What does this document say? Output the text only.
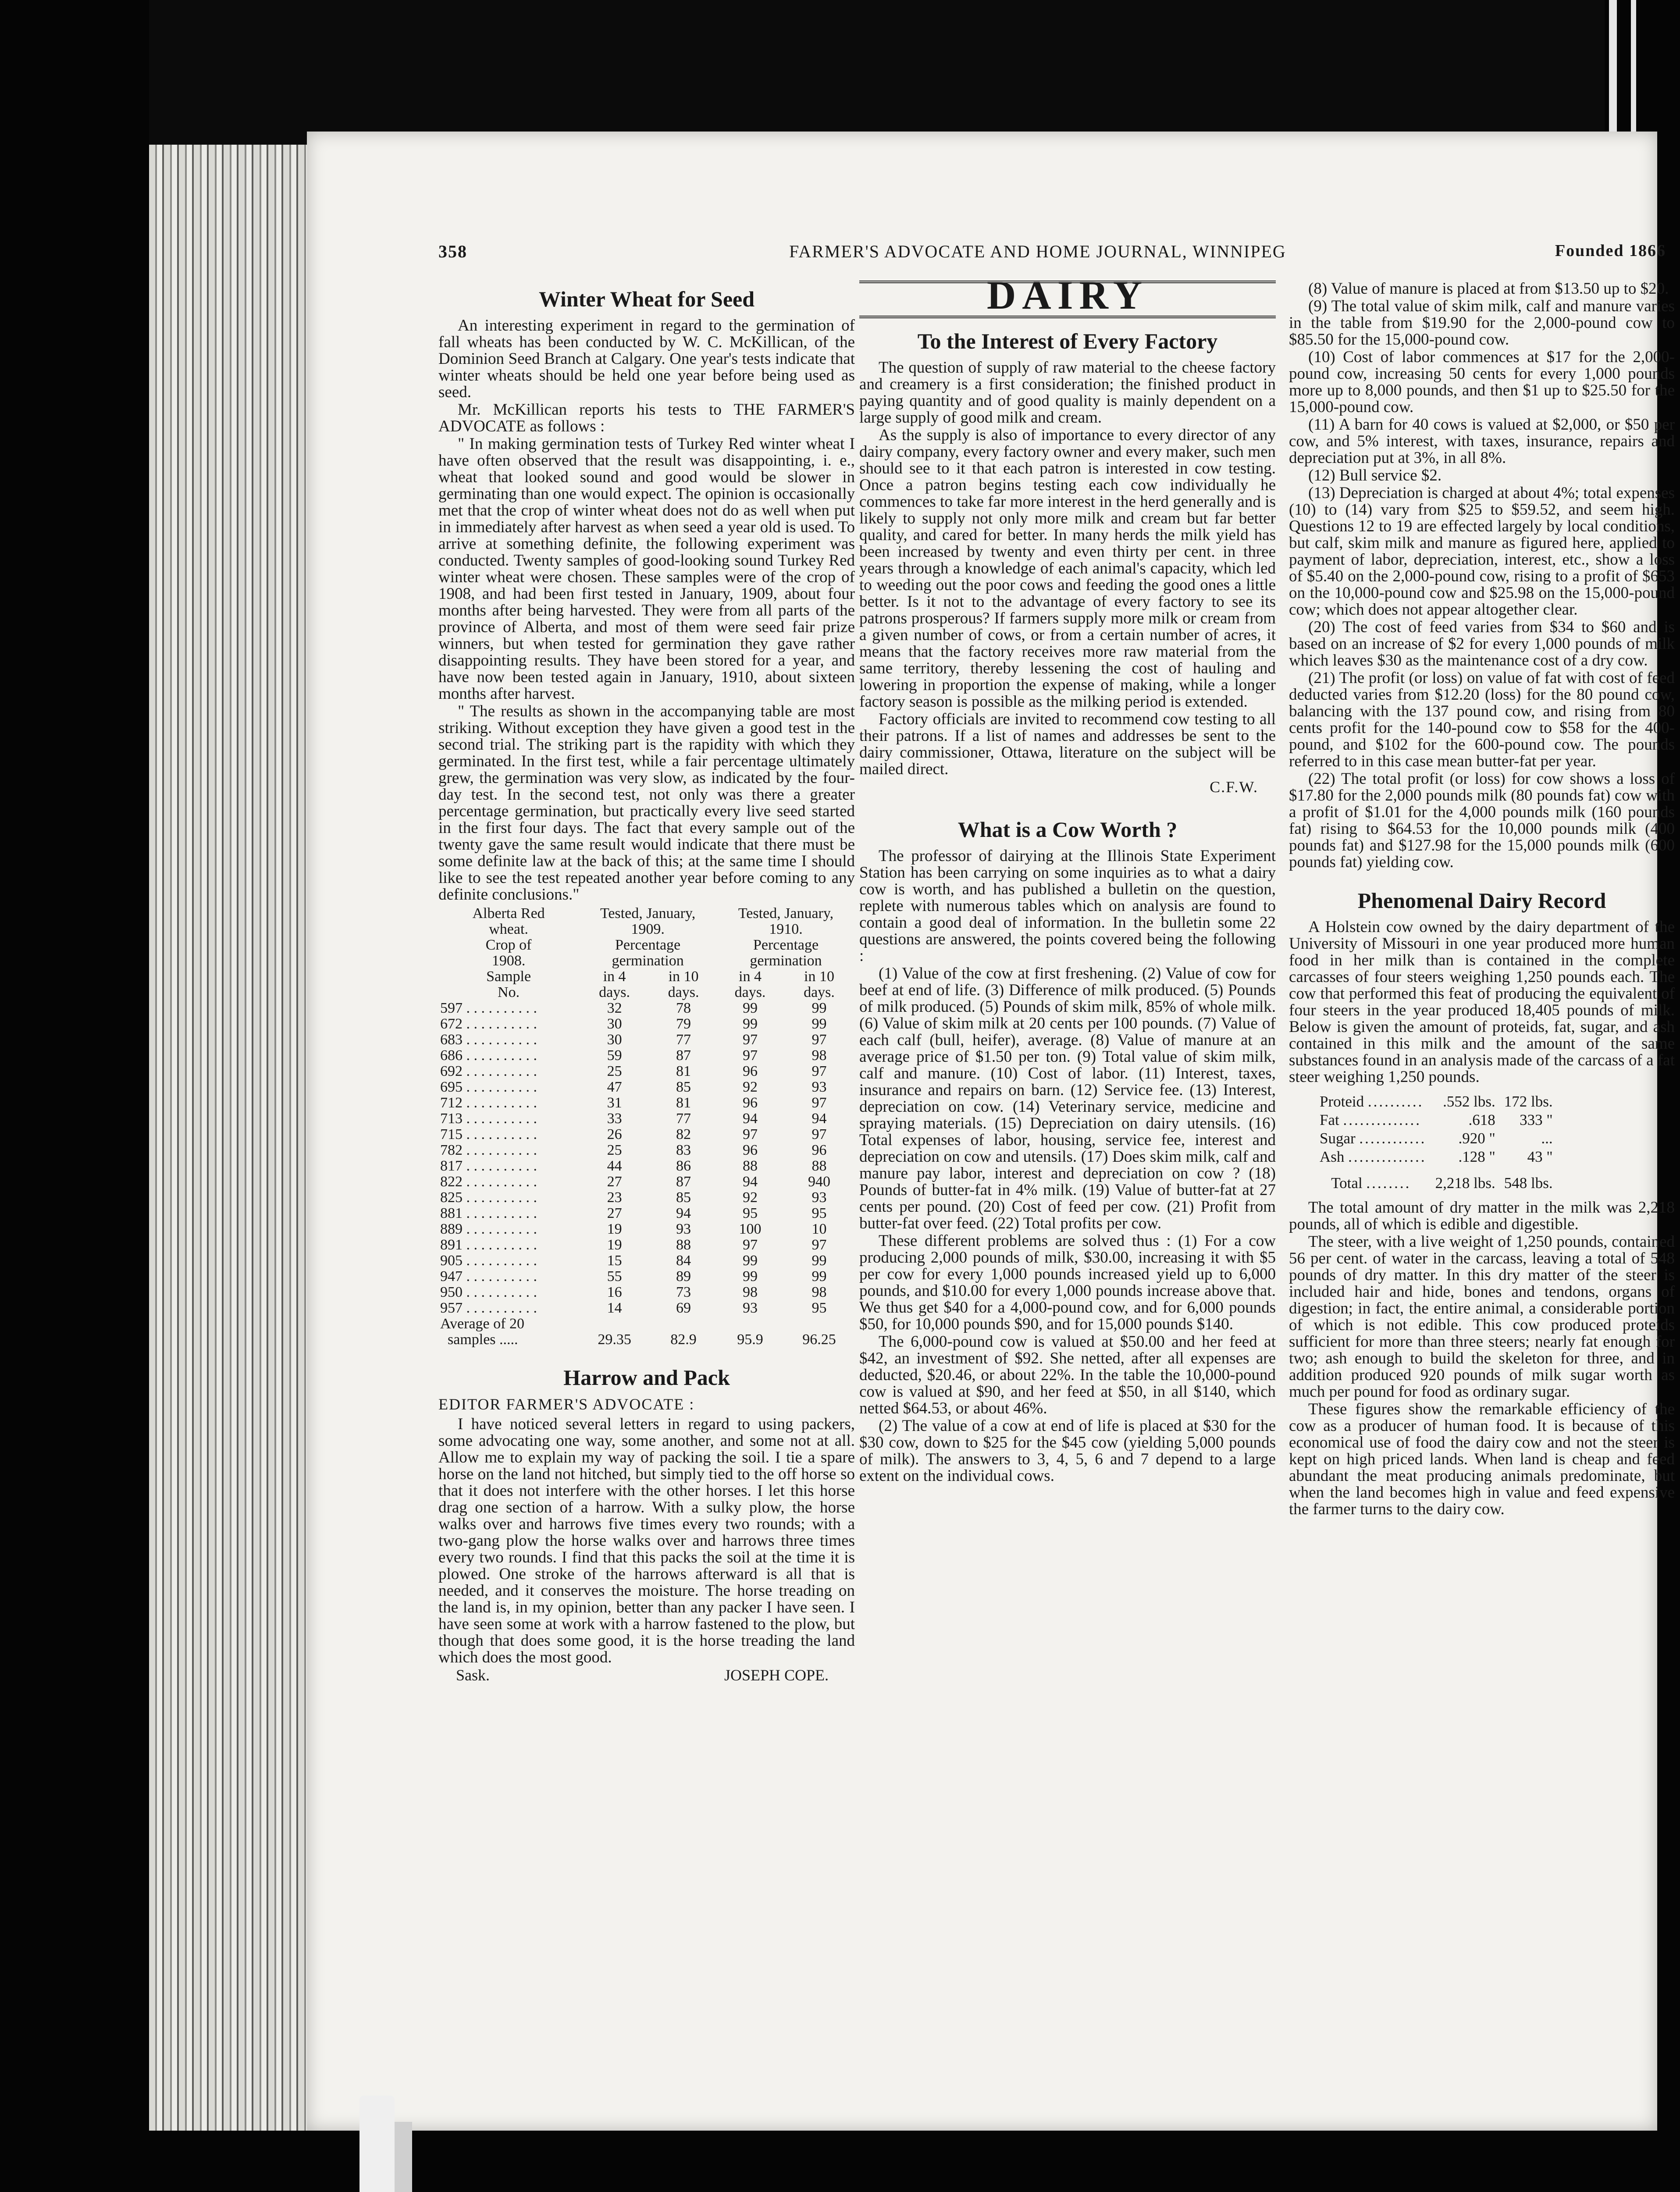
358	FARMER'S ADVOCATE AND HOME JOURNAL, WINNIPEG	Founded 1866
Winter Wheat for Seed

An interesting experiment in regard to the germination of fall wheats has been conducted by W. C. McKillican, of the Dominion Seed Branch at Calgary. One year's tests indicate that winter wheats should be held one year before being used as seed.

Mr. McKillican reports his tests to THE FARMER'S ADVOCATE as follows :

" In making germination tests of Turkey Red winter wheat I have often observed that the result was disappointing, i. e., wheat that looked sound and good would be slower in germinating than one would expect. The opinion is occasionally met that the crop of winter wheat does not do as well when put in immediately after harvest as when seed a year old is used. To arrive at something definite, the following experiment was conducted. Twenty samples of good-looking sound Turkey Red winter wheat were chosen. These samples were of the crop of 1908, and had been first tested in January, 1909, about four months after being harvested. They were from all parts of the province of Alberta, and most of them were seed fair prize winners, but when tested for germination they gave rather disappointing results. They have been stored for a year, and have now been tested again in January, 1910, about sixteen months after harvest.

" The results as shown in the accompanying table are most striking. Without exception they have given a good test in the second trial. The striking part is the rapidity with which they germinated. In the first test, while a fair percentage ultimately grew, the germination was very slow, as indicated by the four-day test. In the second test, not only was there a greater percentage germination, but practically every live seed started in the first four days. The fact that every sample out of the twenty gave the same result would indicate that there must be some definite law at the back of this; at the same time I should like to see the test repeated another year before coming to any definite conclusions."

Alberta Red	Tested, January,		Tested, January,	
wheat.	1909.		1910.	
Crop of	Percentage		Percentage	
1908.	germination		germination	
Sample	in 4	in 10	in 4	in 10
No.	days.	days.	days.	days.
597 . . . . . . . . . .	32	78	99	99
672 . . . . . . . . . .	30	79	99	99
683 . . . . . . . . . .	30	77	97	97
686 . . . . . . . . . .	59	87	97	98
692 . . . . . . . . . .	25	81	96	97
695 . . . . . . . . . .	47	85	92	93
712 . . . . . . . . . .	31	81	96	97
713 . . . . . . . . . .	33	77	94	94
715 . . . . . . . . . .	26	82	97	97
782 . . . . . . . . . .	25	83	96	96
817 . . . . . . . . . .	44	86	88	88
822 . . . . . . . . . .	27	87	94	940
825 . . . . . . . . . .	23	85	92	93
881 . . . . . . . . . .	27	94	95	95
889 . . . . . . . . . .	19	93	100	10
891 . . . . . . . . . .	19	88	97	97
905 . . . . . . . . . .	15	84	99	99
947 . . . . . . . . . .	55	89	99	99
950 . . . . . . . . . .	16	73	98	98
957 . . . . . . . . . .	14	69	93	95
Average of 20				
samples .....	29.35	82.9	95.9	96.25
Harrow and Pack
EDITOR FARMER'S ADVOCATE :

I have noticed several letters in regard to using packers, some advocating one way, some another, and some not at all. Allow me to explain my way of packing the soil. I tie a spare horse on the land not hitched, but simply tied to the off horse so that it does not interfere with the other horses. I let this horse drag one section of a harrow. With a sulky plow, the horse walks over and harrows five times every two rounds; with a two-gang plow the horse walks over and harrows three times every two rounds. I find that this packs the soil at the time it is plowed. One stroke of the harrows afterward is all that is needed, and it conserves the moisture. The horse treading on the land is, in my opinion, better than any packer I have seen. I have seen some at work with a harrow fastened to the plow, but though that does some good, it is the horse treading the land which does the most good.

Sask.	JOSEPH COPE.
DAIRY
To the Interest of Every Factory

The question of supply of raw material to the cheese factory and creamery is a first consideration; the finished product in paying quantity and of good quality is mainly dependent on a large supply of good milk and cream.

As the supply is also of importance to every director of any dairy company, every factory owner and every maker, such men should see to it that each patron is interested in cow testing. Once a patron begins testing each cow individually he commences to take far more interest in the herd generally and is likely to supply not only more milk and cream but far better quality, and cared for better. In many herds the milk yield has been increased by twenty and even thirty per cent. in three years through a knowledge of each animal's capacity, which led to weeding out the poor cows and feeding the good ones a little better. Is it not to the advantage of every factory to see its patrons prosperous? If farmers supply more milk or cream from a given number of cows, or from a certain number of acres, it means that the factory receives more raw material from the same territory, thereby lessening the cost of hauling and lowering in proportion the expense of making, while a longer factory season is possible as the milking period is extended.

Factory officials are invited to recommend cow testing to all their patrons. If a list of names and addresses be sent to the dairy commissioner, Ottawa, literature on the subject will be mailed direct.

C.F.W.
What is a Cow Worth ?

The professor of dairying at the Illinois State Experiment Station has been carrying on some inquiries as to what a dairy cow is worth, and has published a bulletin on the question, replete with numerous tables which on analysis are found to contain a good deal of information. In the bulletin some 22 questions are answered, the points covered being the following :

(1) Value of the cow at first freshening. (2) Value of cow for beef at end of life. (3) Difference of milk produced. (5) Pounds of milk produced. (5) Pounds of skim milk, 85% of whole milk. (6) Value of skim milk at 20 cents per 100 pounds. (7) Value of each calf (bull, heifer), average. (8) Value of manure at an average price of $1.50 per ton. (9) Total value of skim milk, calf and manure. (10) Cost of labor. (11) Interest, taxes, insurance and repairs on barn. (12) Service fee. (13) Interest, depreciation on cow. (14) Veterinary service, medicine and spraying materials. (15) Depreciation on dairy utensils. (16) Total expenses of labor, housing, service fee, interest and depreciation on cow and utensils. (17) Does skim milk, calf and manure pay labor, interest and depreciation on cow ? (18) Pounds of butter-fat in 4% milk. (19) Value of butter-fat at 27 cents per pound. (20) Cost of feed per cow. (21) Profit from butter-fat over feed. (22) Total profits per cow.

These different problems are solved thus : (1) For a cow producing 2,000 pounds of milk, $30.00, increasing it with $5 per cow for every 1,000 pounds increased yield up to 6,000 pounds, and $10.00 for every 1,000 pounds increase above that. We thus get $40 for a 4,000-pound cow, and for 6,000 pounds $50, for 10,000 pounds $90, and for 15,000 pounds $140.

The 6,000-pound cow is valued at $50.00 and her feed at $42, an investment of $92. She netted, after all expenses are deducted, $20.46, or about 22%. In the table the 10,000-pound cow is valued at $90, and her feed at $50, in all $140, which netted $64.53, or about 46%.

(2) The value of a cow at end of life is placed at $30 for the $30 cow, down to $25 for the $45 cow (yielding 5,000 pounds of milk). The answers to 3, 4, 5, 6 and 7 depend to a large extent on the individual cows.

(8) Value of manure is placed at from $13.50 up to $20.

(9) The total value of skim milk, calf and manure varies in the table from $19.90 for the 2,000-pound cow to $85.50 for the 15,000-pound cow.

(10) Cost of labor commences at $17 for the 2,000-pound cow, increasing 50 cents for every 1,000 pounds more up to 8,000 pounds, and then $1 up to $25.50 for the 15,000-pound cow.

(11) A barn for 40 cows is valued at $2,000, or $50 per cow, and 5% interest, with taxes, insurance, repairs and depreciation put at 3%, in all 8%.

(12) Bull service $2.

(13) Depreciation is charged at about 4%; total expenses (10) to (14) vary from $25 to $59.52, and seem high. Questions 12 to 19 are effected largely by local conditions, but calf, skim milk and manure as figured here, applied to payment of labor, depreciation, interest, etc., show a loss of $5.40 on the 2,000-pound cow, rising to a profit of $653 on the 10,000-pound cow and $25.98 on the 15,000-pound cow; which does not appear altogether clear.

(20) The cost of feed varies from $34 to $60 and is based on an increase of $2 for every 1,000 pounds of milk which leaves $30 as the maintenance cost of a dry cow.

(21) The profit (or loss) on value of fat with cost of feed deducted varies from $12.20 (loss) for the 80 pound cow, balancing with the 137 pound cow, and rising from 80 cents profit for the 140-pound cow to $58 for the 400-pound, and $102 for the 600-pound cow. The pounds referred to in this case mean butter-fat per year.

(22) The total profit (or loss) for cow shows a loss of $17.80 for the 2,000 pounds milk (80 pounds fat) cow with a profit of $1.01 for the 4,000 pounds milk (160 pounds fat) rising to $64.53 for the 10,000 pounds milk (400 pounds fat) and $127.98 for the 15,000 pounds milk (600 pounds fat) yielding cow.

Phenomenal Dairy Record

A Holstein cow owned by the dairy department of the University of Missouri in one year produced more human food in her milk than is contained in the complete carcasses of four steers weighing 1,250 pounds each. The cow that performed this feat of producing the equivalent of four steers in the year produced 18,405 pounds of milk. Below is given the amount of proteids, fat, sugar, and ash contained in this milk and the amount of the same substances found in an analysis made of the carcass of a fat steer weighing 1,250 pounds.

Proteid ..........	.552 lbs.	172 lbs.
Fat ..............	.618	333 "
Sugar ............	.920 "	...
Ash ..............	.128 "	43 "
Total ........	2,218 lbs.	548 lbs.

The total amount of dry matter in the milk was 2,218 pounds, all of which is edible and digestible.

The steer, with a live weight of 1,250 pounds, contained 56 per cent. of water in the carcass, leaving a total of 548 pounds of dry matter. In this dry matter of the steer is included hair and hide, bones and tendons, organs of digestion; in fact, the entire animal, a considerable portion of which is not edible. This cow produced proteids sufficient for more than three steers; nearly fat enough for two; ash enough to build the skeleton for three, and in addition produced 920 pounds of milk sugar worth as much per pound for food as ordinary sugar.

These figures show the remarkable efficiency of the cow as a producer of human food. It is because of this economical use of food the dairy cow and not the steer is kept on high priced lands. When land is cheap and feed abundant the meat producing animals predominate, but when the land becomes high in value and feed expensive the farmer turns to the dairy cow.
